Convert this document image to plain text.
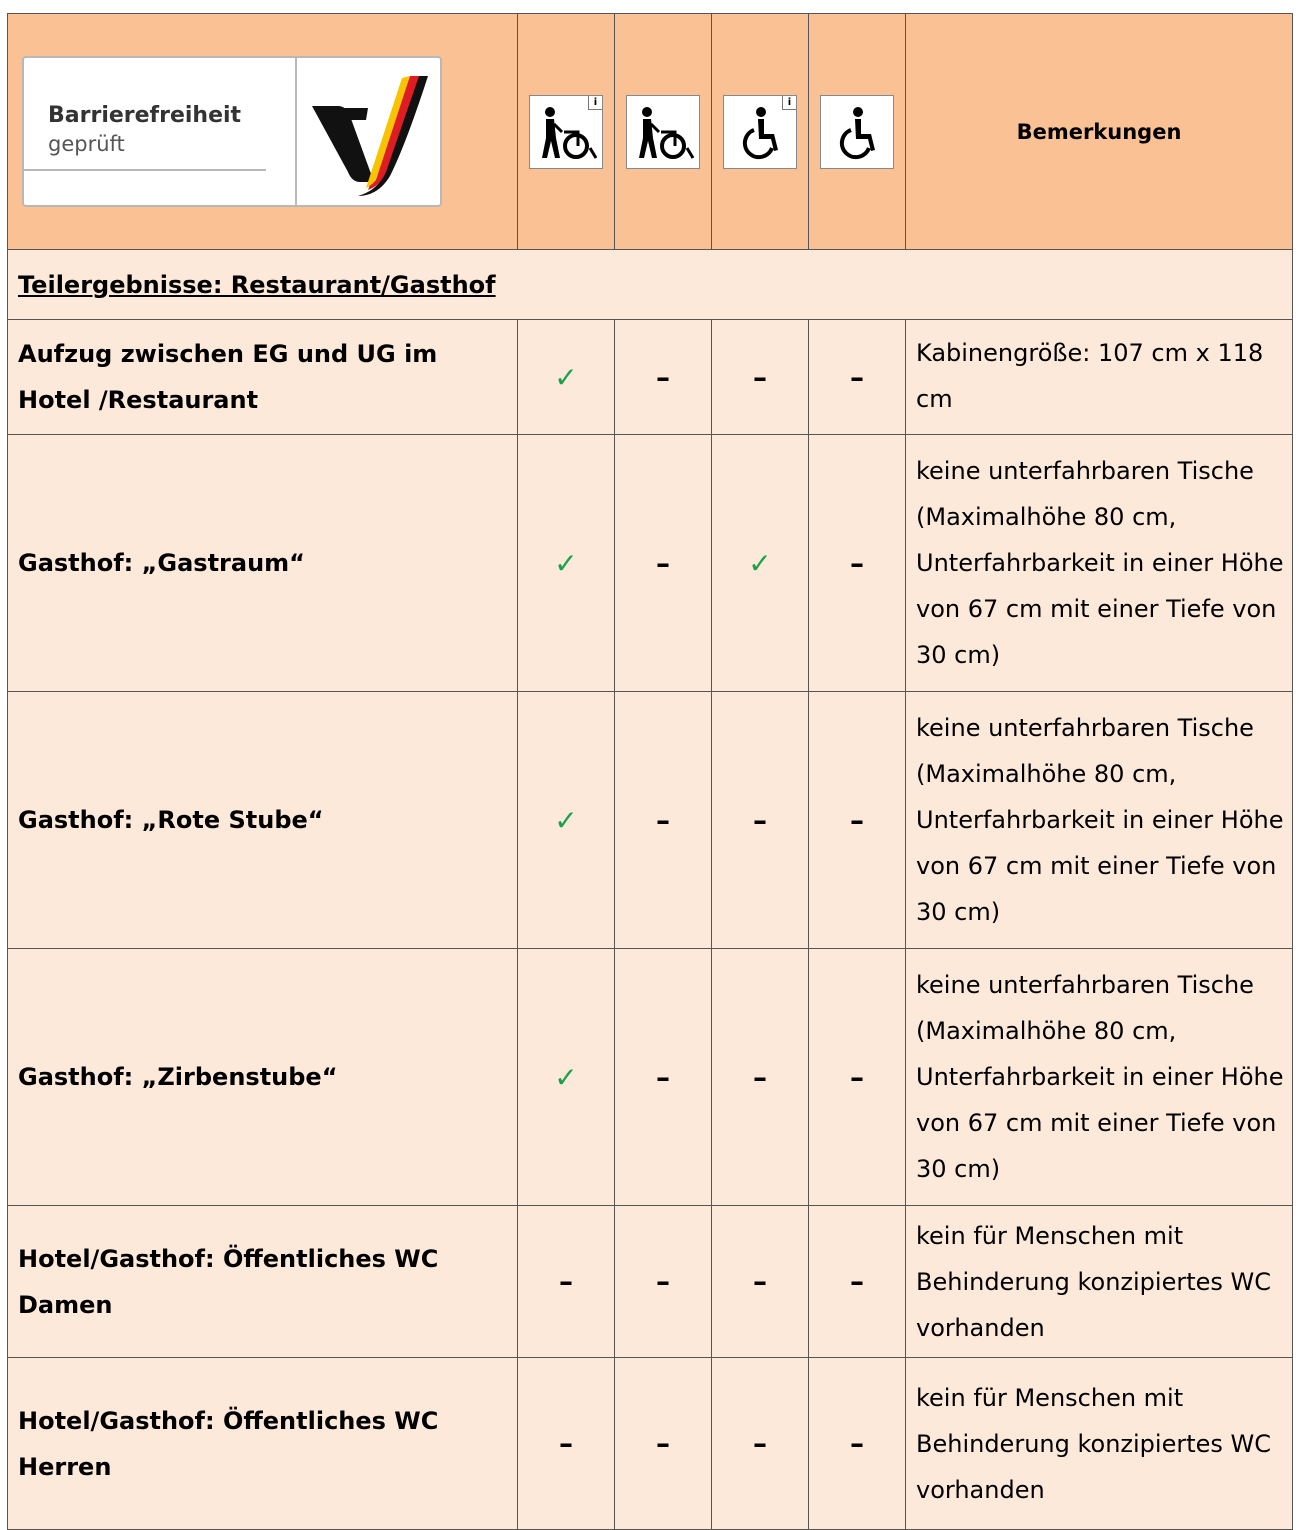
Barrierefreiheit
geprüft	i		i		Bemerkungen
Teilergebnisse: Restaurant/Gasthof					
Aufzug zwischen EG und UG im Hotel /Restaurant	✓	–	–	–	Kabinengröße: 107 cm x 118 cm
Gasthof: „Gastraum“	✓	–	✓	–	keine unterfahrbaren Tische (Maximalhöhe 80 cm, Unterfahrbarkeit in einer Höhe von 67 cm mit einer Tiefe von 30 cm)
Gasthof: „Rote Stube“	✓	–	–	–	keine unterfahrbaren Tische (Maximalhöhe 80 cm, Unterfahrbarkeit in einer Höhe von 67 cm mit einer Tiefe von 30 cm)
Gasthof: „Zirbenstube“	✓	–	–	–	keine unterfahrbaren Tische (Maximalhöhe 80 cm, Unterfahrbarkeit in einer Höhe von 67 cm mit einer Tiefe von 30 cm)
Hotel/Gasthof: Öffentliches WC Damen	–	–	–	–	kein für Menschen mit Behinderung konzipiertes WC vorhanden
Hotel/Gasthof: Öffentliches WC Herren	–	–	–	–	kein für Menschen mit Behinderung konzipiertes WC vorhanden
